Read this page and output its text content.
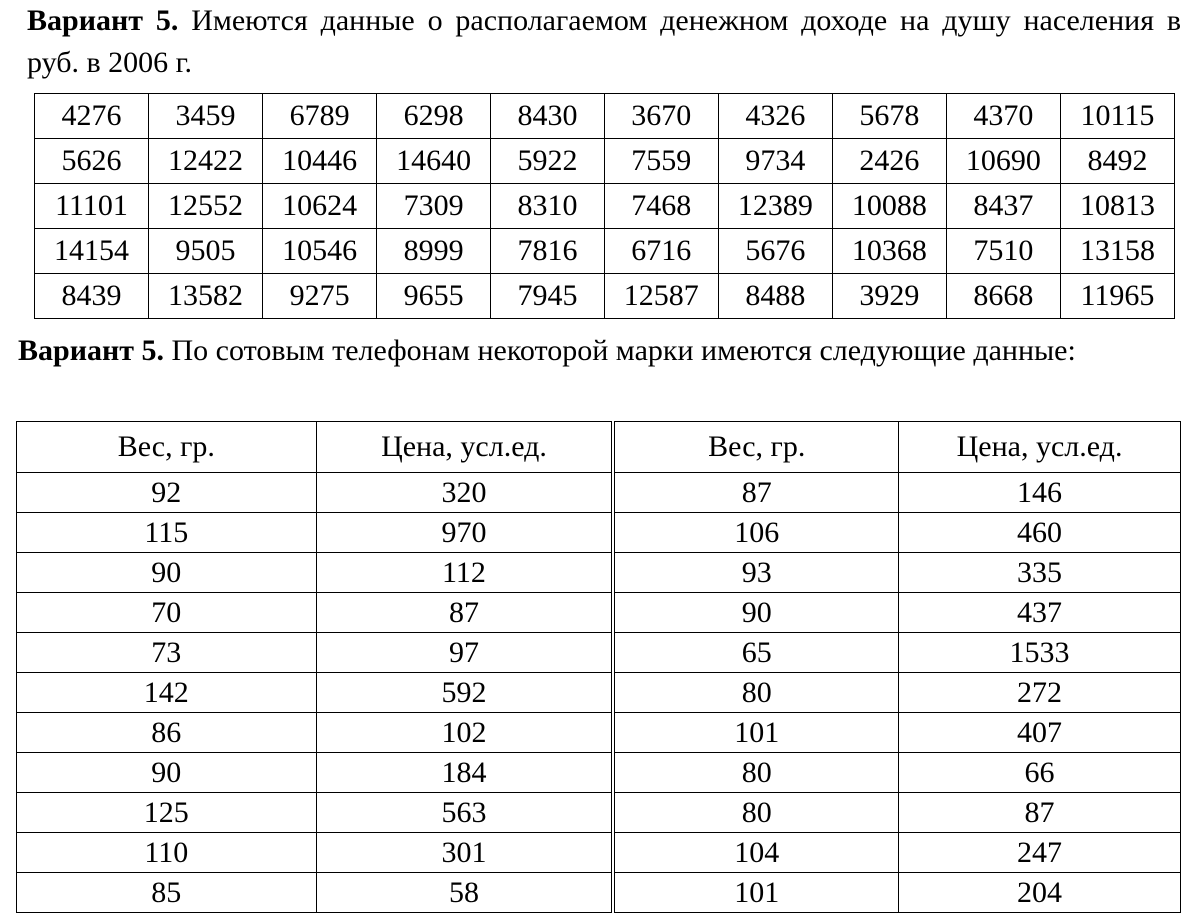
Вариант 5. Имеются данные о располагаемом денежном доходе на душу населения в руб. в 2006 г.
4276	3459	6789	6298	8430	3670	4326	5678	4370	10115
5626	12422	10446	14640	5922	7559	9734	2426	10690	8492
11101	12552	10624	7309	8310	7468	12389	10088	8437	10813
14154	9505	10546	8999	7816	6716	5676	10368	7510	13158
8439	13582	9275	9655	7945	12587	8488	3929	8668	11965
Вариант 5. По сотовым телефонам некоторой марки имеются следующие данные:
Вес, гр.	Цена, усл.ед.	Вес, гр.	Цена, усл.ед.
92	320	87	146
115	970	106	460
90	112	93	335
70	87	90	437
73	97	65	1533
142	592	80	272
86	102	101	407
90	184	80	66
125	563	80	87
110	301	104	247
85	58	101	204
